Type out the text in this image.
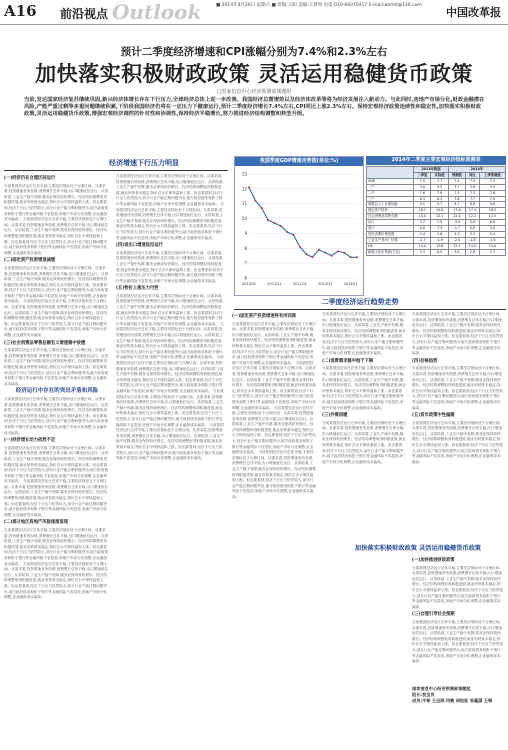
A16 前沿视点 Outlook	■ 2014年4月26日 星期六 ■ 责编:王阳 美编:王梦瑶 电话:010-66070417 E-mail:wzmd@126.com
中国改革报
预计二季度经济增速和CPI涨幅分别为7.4%和2.3%左右
加快落实积极财政政策 灵活运用稳健货币政策
□国家信息中心经济预测部课题组
当前,发达国家经济复苏继续巩固,新兴经济体增长存在下行压力,全球经济总体上进一步改善。我国经济总需增效以及经济体改革等将为经济发展注入新动力。与此同时,房地产市场分化,财政金融潜在风险,产能严重过剩等多重问题继续积累,下阶段我国经济仍将在一定压力下健康运行,预计二季度经济增长7.4%左右,CPI同比上涨2.3%左右。保持宏观经济政策连续性和稳定性,加快落实积极财政政策,灵活运用稳健货币政策,增强宏观经济调控的针对性和协调性,保持经济平稳增长,努力推进经济结构调整和转型升级。
经济增速下行压力明显
(一)经济仍在合理区间运行
当前我国经济运行总体平稳,主要经济指标处于合理区间。从需求看,投资增速有所放缓,消费增长总体平稳,出口增速低位运行。从供给看,工业生产稳中有降,服务业保持较快增长。经济结构调整取得积极进展,就业形势基本稳定,物价总水平保持温和上涨。但也要看到,经济下行压力依然较大,部分行业产能过剩问题突出,地方政府债务和影子银行等金融风险不容忽视,房地产市场分化调整,企业融资成本偏高。 当前我国经济运行总体平稳,主要经济指标处于合理区间。从需求看,投资增速有所放缓,消费增长总体平稳,出口增速低位运行。从供给看,工业生产稳中有降,服务业保持较快增长。经济结构调整取得积极进展,就业形势基本稳定,物价总水平保持温和上涨。但也要看到,经济下行压力依然较大,部分行业产能过剩问题突出,地方政府债务和影子银行等金融风险不容忽视,房地产市场分化调整,企业融资成本偏高。
(二)固定资产投资增速减缓
当前我国经济运行总体平稳,主要经济指标处于合理区间。从需求看,投资增速有所放缓,消费增长总体平稳,出口增速低位运行。从供给看,工业生产稳中有降,服务业保持较快增长。经济结构调整取得积极进展,就业形势基本稳定,物价总水平保持温和上涨。但也要看到,经济下行压力依然较大,部分行业产能过剩问题突出,地方政府债务和影子银行等金融风险不容忽视,房地产市场分化调整,企业融资成本偏高。 当前我国经济运行总体平稳,主要经济指标处于合理区间。从需求看,投资增速有所放缓,消费增长总体平稳,出口增速低位运行。从供给看,工业生产稳中有降,服务业保持较快增长。经济结构调整取得积极进展,就业形势基本稳定,物价总水平保持温和上涨。但也要看到,经济下行压力依然较大,部分行业产能过剩问题突出,地方政府债务和影子银行等金融风险不容忽视,房地产市场分化调整,企业融资成本偏高。
(三)社会消费品零售总额名义增速稳中放缓
当前我国经济运行总体平稳,主要经济指标处于合理区间。从需求看,投资增速有所放缓,消费增长总体平稳,出口增速低位运行。从供给看,工业生产稳中有降,服务业保持较快增长。经济结构调整取得积极进展,就业形势基本稳定,物价总水平保持温和上涨。但也要看到,经济下行压力依然较大,部分行业产能过剩问题突出,地方政府债务和影子银行等金融风险不容忽视,房地产市场分化调整,企业融资成本偏高。
经济运行中存在的突出矛盾和风险
当前我国经济运行总体平稳,主要经济指标处于合理区间。从需求看,投资增速有所放缓,消费增长总体平稳,出口增速低位运行。从供给看,工业生产稳中有降,服务业保持较快增长。经济结构调整取得积极进展,就业形势基本稳定,物价总水平保持温和上涨。但也要看到,经济下行压力依然较大,部分行业产能过剩问题突出,地方政府债务和影子银行等金融风险不容忽视,房地产市场分化调整,企业融资成本偏高。
(一)经济增长动力依然不足
当前我国经济运行总体平稳,主要经济指标处于合理区间。从需求看,投资增速有所放缓,消费增长总体平稳,出口增速低位运行。从供给看,工业生产稳中有降,服务业保持较快增长。经济结构调整取得积极进展,就业形势基本稳定,物价总水平保持温和上涨。但也要看到,经济下行压力依然较大,部分行业产能过剩问题突出,地方政府债务和影子银行等金融风险不容忽视,房地产市场分化调整,企业融资成本偏高。 当前我国经济运行总体平稳,主要经济指标处于合理区间。从需求看,投资增速有所放缓,消费增长总体平稳,出口增速低位运行。从供给看,工业生产稳中有降,服务业保持较快增长。经济结构调整取得积极进展,就业形势基本稳定,物价总水平保持温和上涨。但也要看到,经济下行压力依然较大,部分行业产能过剩问题突出,地方政府债务和影子银行等金融风险不容忽视,房地产市场分化调整,企业融资成本偏高。
(二)部分地区房地产风险逐渐显现
当前我国经济运行总体平稳,主要经济指标处于合理区间。从需求看,投资增速有所放缓,消费增长总体平稳,出口增速低位运行。从供给看,工业生产稳中有降,服务业保持较快增长。经济结构调整取得积极进展,就业形势基本稳定,物价总水平保持温和上涨。但也要看到,经济下行压力依然较大,部分行业产能过剩问题突出,地方政府债务和影子银行等金融风险不容忽视,房地产市场分化调整,企业融资成本偏高。 当前我国经济运行总体平稳,主要经济指标处于合理区间。从需求看,投资增速有所放缓,消费增长总体平稳,出口增速低位运行。从供给看,工业生产稳中有降,服务业保持较快增长。经济结构调整取得积极进展,就业形势基本稳定,物价总水平保持温和上涨。但也要看到,经济下行压力依然较大,部分行业产能过剩问题突出,地方政府债务和影子银行等金融风险不容忽视,房地产市场分化调整,企业融资成本偏高。
当前我国经济运行总体平稳,主要经济指标处于合理区间。从需求看,投资增速有所放缓,消费增长总体平稳,出口增速低位运行。从供给看,工业生产稳中有降,服务业保持较快增长。经济结构调整取得积极进展,就业形势基本稳定,物价总水平保持温和上涨。但也要看到,经济下行压力依然较大,部分行业产能过剩问题突出,地方政府债务和影子银行等金融风险不容忽视,房地产市场分化调整,企业融资成本偏高。 当前我国经济运行总体平稳,主要经济指标处于合理区间。从需求看,投资增速有所放缓,消费增长总体平稳,出口增速低位运行。从供给看,工业生产稳中有降,服务业保持较快增长。经济结构调整取得积极进展,就业形势基本稳定,物价总水平保持温和上涨。但也要看到,经济下行压力依然较大,部分行业产能过剩问题突出,地方政府债务和影子银行等金融风险不容忽视,房地产市场分化调整,企业融资成本偏高。
(四)进出口增速低位运行
当前我国经济运行总体平稳,主要经济指标处于合理区间。从需求看,投资增速有所放缓,消费增长总体平稳,出口增速低位运行。从供给看,工业生产稳中有降,服务业保持较快增长。经济结构调整取得积极进展,就业形势基本稳定,物价总水平保持温和上涨。但也要看到,经济下行压力依然较大,部分行业产能过剩问题突出,地方政府债务和影子银行等金融风险不容忽视,房地产市场分化调整,企业融资成本偏高。
(五)物价上涨压力可控
当前我国经济运行总体平稳,主要经济指标处于合理区间。从需求看,投资增速有所放缓,消费增长总体平稳,出口增速低位运行。从供给看,工业生产稳中有降,服务业保持较快增长。经济结构调整取得积极进展,就业形势基本稳定,物价总水平保持温和上涨。但也要看到,经济下行压力依然较大,部分行业产能过剩问题突出,地方政府债务和影子银行等金融风险不容忽视,房地产市场分化调整,企业融资成本偏高。 当前我国经济运行总体平稳,主要经济指标处于合理区间。从需求看,投资增速有所放缓,消费增长总体平稳,出口增速低位运行。从供给看,工业生产稳中有降,服务业保持较快增长。经济结构调整取得积极进展,就业形势基本稳定,物价总水平保持温和上涨。但也要看到,经济下行压力依然较大,部分行业产能过剩问题突出,地方政府债务和影子银行等金融风险不容忽视,房地产市场分化调整,企业融资成本偏高。 当前我国经济运行总体平稳,主要经济指标处于合理区间。从需求看,投资增速有所放缓,消费增长总体平稳,出口增速低位运行。从供给看,工业生产稳中有降,服务业保持较快增长。经济结构调整取得积极进展,就业形势基本稳定,物价总水平保持温和上涨。但也要看到,经济下行压力依然较大,部分行业产能过剩问题突出,地方政府债务和影子银行等金融风险不容忽视,房地产市场分化调整,企业融资成本偏高。 当前我国经济运行总体平稳,主要经济指标处于合理区间。从需求看,投资增速有所放缓,消费增长总体平稳,出口增速低位运行。从供给看,工业生产稳中有降,服务业保持较快增长。经济结构调整取得积极进展,就业形势基本稳定,物价总水平保持温和上涨。但也要看到,经济下行压力依然较大,部分行业产能过剩问题突出,地方政府债务和影子银行等金融风险不容忽视,房地产市场分化调整,企业融资成本偏高。 当前我国经济运行总体平稳,主要经济指标处于合理区间。从需求看,投资增速有所放缓,消费增长总体平稳,出口增速低位运行。从供给看,工业生产稳中有降,服务业保持较快增长。经济结构调整取得积极进展,就业形势基本稳定,物价总水平保持温和上涨。但也要看到,经济下行压力依然较大,部分行业产能过剩问题突出,地方政府债务和影子银行等金融风险不容忽视,房地产市场分化调整,企业融资成本偏高。
我国季度GDP增速走势图(单位:%)
6
7
8
9
10
11
12
13
2010Q1	2011Q1	2012Q1	2013Q1	2014Q1
2014年二季度主要宏观经济指标预测表
	2013年数据		2014年		
	二季度	实际值	预测值	同比	上季预测值
GDP	7.5	7.7	7.4	7.4	7.5
一产	3.0	3.5	3.7	3.8	3.5
二产	7.6	7.8	7.3	7.3	7.6
三产	8.3	8.3	7.8	7.7	7.9
规模以上工业增加值	9.1	9.7	8.7	8.8	9.0
固定资产投资	20.1	19.6	17.6	17.5	18.2
社会消费品零售总额	13.0	13.1	12.0	12.2	12.5
出口	3.7	7.9	-3.4	5.0	6.0
进口	5.0	7.3	-1.7	4.0	5.0
居民消费价格指数	2.4	2.6	2.3	2.3	2.4
工业生产者出厂价格	-2.7	-1.9	-2.0	-1.8	-1.5
M2	14.0	13.6	12.1	13.0	13.0
新增人民币贷款(万亿)	2.3	8.9	3.0	2.8	2.7
二季度经济运行趋势走势
(一)固定资产投资增速将有所回落
当前我国经济运行总体平稳,主要经济指标处于合理区间。从需求看,投资增速有所放缓,消费增长总体平稳,出口增速低位运行。从供给看,工业生产稳中有降,服务业保持较快增长。经济结构调整取得积极进展,就业形势基本稳定,物价总水平保持温和上涨。但也要看到,经济下行压力依然较大,部分行业产能过剩问题突出,地方政府债务和影子银行等金融风险不容忽视,房地产市场分化调整,企业融资成本偏高。 当前我国经济运行总体平稳,主要经济指标处于合理区间。从需求看,投资增速有所放缓,消费增长总体平稳,出口增速低位运行。从供给看,工业生产稳中有降,服务业保持较快增长。经济结构调整取得积极进展,就业形势基本稳定,物价总水平保持温和上涨。但也要看到,经济下行压力依然较大,部分行业产能过剩问题突出,地方政府债务和影子银行等金融风险不容忽视,房地产市场分化调整,企业融资成本偏高。 当前我国经济运行总体平稳,主要经济指标处于合理区间。从需求看,投资增速有所放缓,消费增长总体平稳,出口增速低位运行。从供给看,工业生产稳中有降,服务业保持较快增长。经济结构调整取得积极进展,就业形势基本稳定,物价总水平保持温和上涨。但也要看到,经济下行压力依然较大,部分行业产能过剩问题突出,地方政府债务和影子银行等金融风险不容忽视,房地产市场分化调整,企业融资成本偏高。 当前我国经济运行总体平稳,主要经济指标处于合理区间。从需求看,投资增速有所放缓,消费增长总体平稳,出口增速低位运行。从供给看,工业生产稳中有降,服务业保持较快增长。经济结构调整取得积极进展,就业形势基本稳定,物价总水平保持温和上涨。但也要看到,经济下行压力依然较大,部分行业产能过剩问题突出,地方政府债务和影子银行等金融风险不容忽视,房地产市场分化调整,企业融资成本偏高。
当前我国经济运行总体平稳,主要经济指标处于合理区间。从需求看,投资增速有所放缓,消费增长总体平稳,出口增速低位运行。从供给看,工业生产稳中有降,服务业保持较快增长。经济结构调整取得积极进展,就业形势基本稳定,物价总水平保持温和上涨。但也要看到,经济下行压力依然较大,部分行业产能过剩问题突出,地方政府债务和影子银行等金融风险不容忽视,房地产市场分化调整,企业融资成本偏高。
(二)消费需求稳中趋于下降
当前我国经济运行总体平稳,主要经济指标处于合理区间。从需求看,投资增速有所放缓,消费增长总体平稳,出口增速低位运行。从供给看,工业生产稳中有降,服务业保持较快增长。经济结构调整取得积极进展,就业形势基本稳定,物价总水平保持温和上涨。但也要看到,经济下行压力依然较大,部分行业产能过剩问题突出,地方政府债务和影子银行等金融风险不容忽视,房地产市场分化调整,企业融资成本偏高。
(三)外需回暖
当前我国经济运行总体平稳,主要经济指标处于合理区间。从需求看,投资增速有所放缓,消费增长总体平稳,出口增速低位运行。从供给看,工业生产稳中有降,服务业保持较快增长。经济结构调整取得积极进展,就业形势基本稳定,物价总水平保持温和上涨。但也要看到,经济下行压力依然较大,部分行业产能过剩问题突出,地方政府债务和影子银行等金融风险不容忽视,房地产市场分化调整,企业融资成本偏高。
当前我国经济运行总体平稳,主要经济指标处于合理区间。从需求看,投资增速有所放缓,消费增长总体平稳,出口增速低位运行。从供给看,工业生产稳中有降,服务业保持较快增长。经济结构调整取得积极进展,就业形势基本稳定,物价总水平保持温和上涨。但也要看到,经济下行压力依然较大,部分行业产能过剩问题突出,地方政府债务和影子银行等金融风险不容忽视,房地产市场分化调整,企业融资成本偏高。
(四)价格趋势
当前我国经济运行总体平稳,主要经济指标处于合理区间。从需求看,投资增速有所放缓,消费增长总体平稳,出口增速低位运行。从供给看,工业生产稳中有降,服务业保持较快增长。经济结构调整取得积极进展,就业形势基本稳定,物价总水平保持温和上涨。但也要看到,经济下行压力依然较大,部分行业产能过剩问题突出,地方政府债务和影子银行等金融风险不容忽视,房地产市场分化调整,企业融资成本偏高。
(五)货币政策中性偏稳
当前我国经济运行总体平稳,主要经济指标处于合理区间。从需求看,投资增速有所放缓,消费增长总体平稳,出口增速低位运行。从供给看,工业生产稳中有降,服务业保持较快增长。经济结构调整取得积极进展,就业形势基本稳定,物价总水平保持温和上涨。但也要看到,经济下行压力依然较大,部分行业产能过剩问题突出,地方政府债务和影子银行等金融风险不容忽视,房地产市场分化调整,企业融资成本偏高。
加快落实积极财政政策 灵活运用稳健货币政策
(一)加快推进财政政策
当前我国经济运行总体平稳,主要经济指标处于合理区间。从需求看,投资增速有所放缓,消费增长总体平稳,出口增速低位运行。从供给看,工业生产稳中有降,服务业保持较快增长。经济结构调整取得积极进展,就业形势基本稳定,物价总水平保持温和上涨。但也要看到,经济下行压力依然较大,部分行业产能过剩问题突出,地方政府债务和影子银行等金融风险不容忽视,房地产市场分化调整,企业融资成本偏高。
(三)合理引导社会预期
当前我国经济运行总体平稳,主要经济指标处于合理区间。从需求看,投资增速有所放缓,消费增长总体平稳,出口增速低位运行。从供给看,工业生产稳中有降,服务业保持较快增长。经济结构调整取得积极进展,就业形势基本稳定,物价总水平保持温和上涨。但也要看到,经济下行压力依然较大,部分行业产能过剩问题突出,地方政府债务和影子银行等金融风险不容忽视,房地产市场分化调整,企业融资成本偏高。
国家信息中心经济预测部课题组
组长:祝宝良
成员:牛犁 王远鸿 闫敏 胡祖铨 邹蕴涵 王琳
